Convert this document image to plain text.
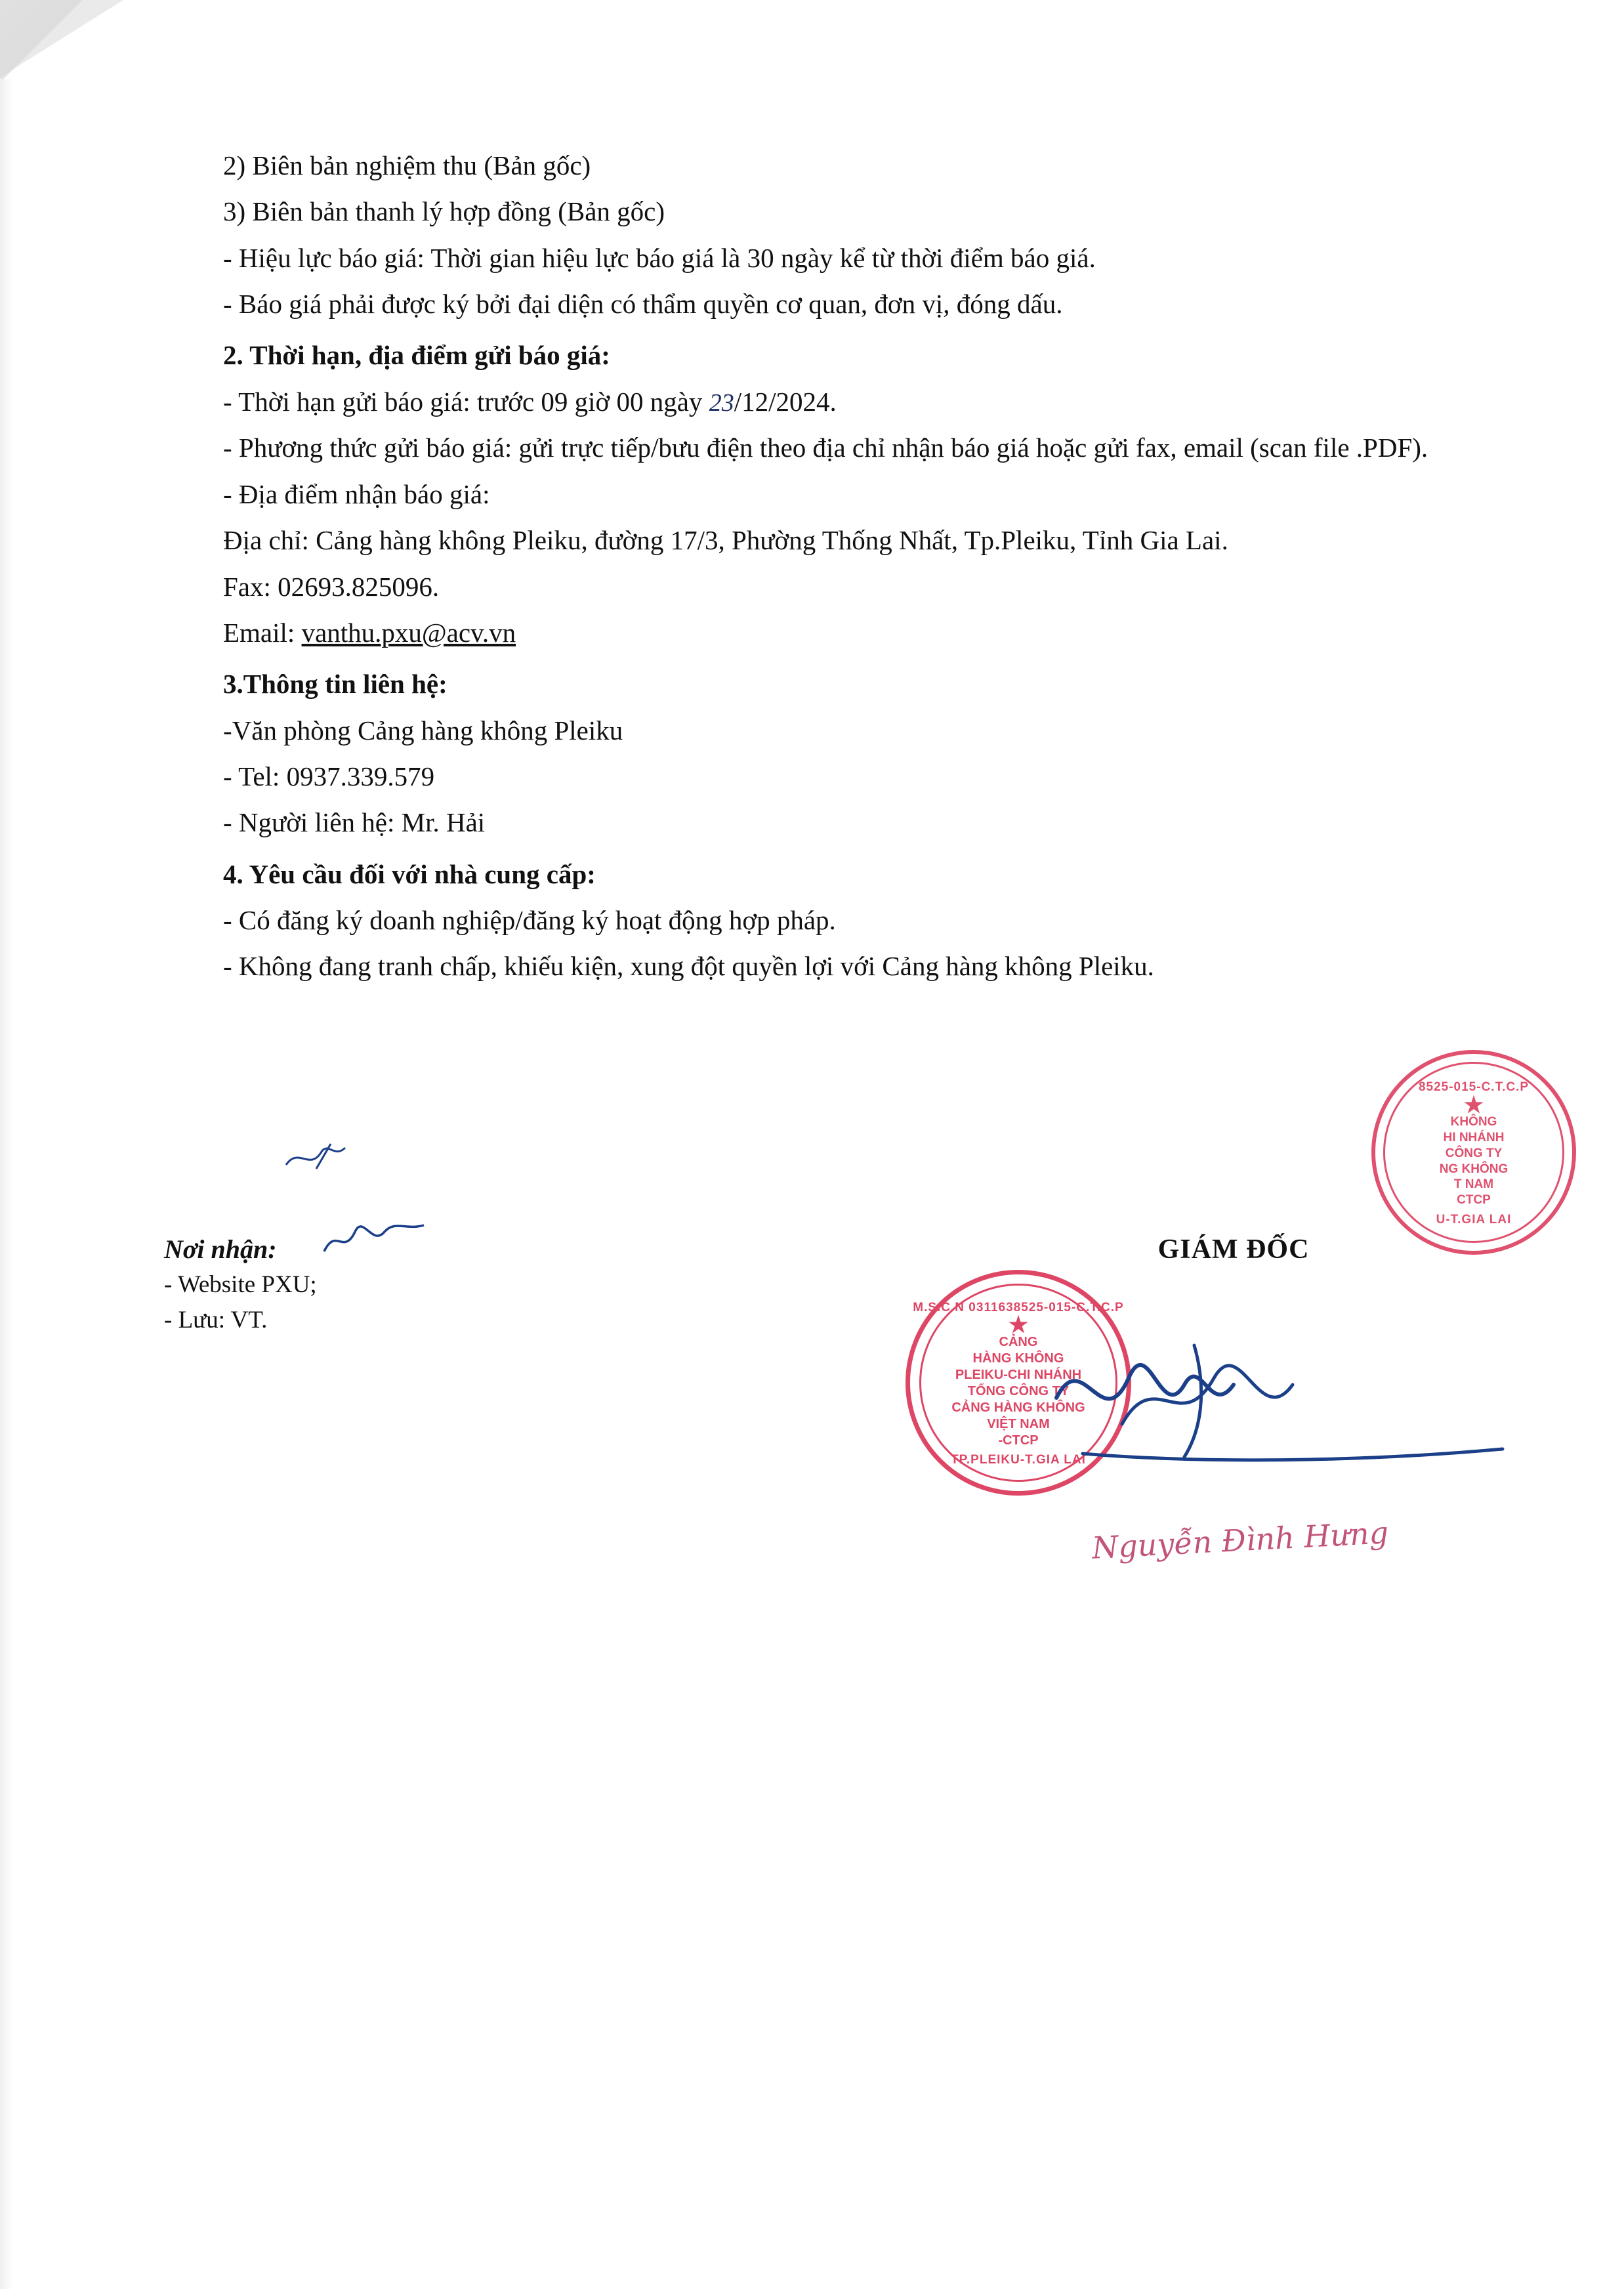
2) Biên bản nghiệm thu (Bản gốc)
3) Biên bản thanh lý hợp đồng (Bản gốc)
- Hiệu lực báo giá: Thời gian hiệu lực báo giá là 30 ngày kể từ thời điểm báo giá.
- Báo giá phải được ký bởi đại diện có thẩm quyền cơ quan, đơn vị, đóng dấu.
2. Thời hạn, địa điểm gửi báo giá:
- Thời hạn gửi báo giá: trước 09 giờ 00 ngày 23/12/2024.
- Phương thức gửi báo giá: gửi trực tiếp/bưu điện theo địa chỉ nhận báo giá hoặc gửi fax, email (scan file .PDF).
- Địa điểm nhận báo giá:
Địa chỉ: Cảng hàng không Pleiku, đường 17/3, Phường Thống Nhất, Tp.Pleiku, Tỉnh Gia Lai.
Fax: 02693.825096.
Email: vanthu.pxu@acv.vn
3.Thông tin liên hệ:
-Văn phòng Cảng hàng không Pleiku
- Tel: 0937.339.579
- Người liên hệ: Mr. Hải
4. Yêu cầu đối với nhà cung cấp:
- Có đăng ký doanh nghiệp/đăng ký hoạt động hợp pháp.
- Không đang tranh chấp, khiếu kiện, xung đột quyền lợi với Cảng hàng không Pleiku.
Nơi nhận:
- Website PXU;
- Lưu: VT.
GIÁM ĐỐC
M.S.C.N 0311638525-015-C.T.C.P
★
CẢNG
HÀNG KHÔNG
PLEIKU-CHI NHÁNH
TỔNG CÔNG TY
CẢNG HÀNG KHÔNG
VIỆT NAM
-CTCP
TP.PLEIKU-T.GIA LAI
8525-015-C.T.C.P
★
KHÔNG
HI NHÁNH
CÔNG TY
NG KHÔNG
T NAM
CTCP
U-T.GIA LAI
Nguyễn Đình Hưng
